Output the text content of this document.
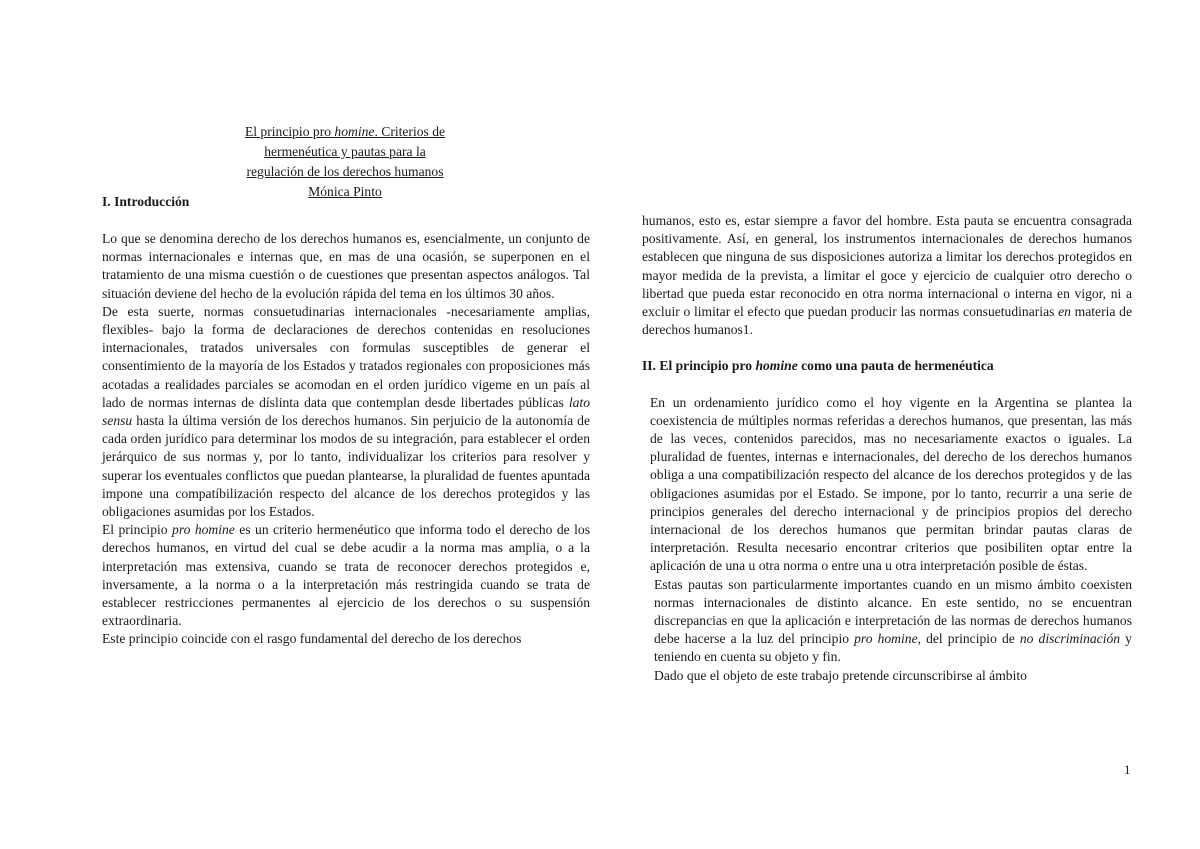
El principio pro homine. Criterios de
hermenéutica y pautas para la
regulación de los derechos humanos
Mónica Pinto
I. Introducción

Lo que se denomina derecho de los derechos humanos es, esencialmente, un conjunto de normas internacionales e internas que, en mas de una ocasión, se superponen en el tratamiento de una misma cuestión o de cuestiones que presentan aspectos análogos. Tal situación deviene del hecho de la evolución rápida del tema en los últimos 30 años.

De esta suerte, normas consuetudinarias internacionales -necesariamente amplias, flexibles- bajo la forma de declaraciones de derechos contenidas en resoluciones internacionales, tratados universales con formulas susceptibles de generar el consentimiento de la mayoría de los Estados y tratados regionales con proposiciones más acotadas a realidades parciales se acomodan en el orden jurídico vigeme en un país al lado de normas internas de díslinta data que contemplan desde libertades públicas lato sensu hasta la última versión de los derechos humanos. Sin perjuicio de la autonomía de cada orden jurídico para determinar los modos de su integración, para establecer el orden jerárquico de sus normas y, por lo tanto, individualizar los criterios para resolver y superar los eventuales conflictos que puedan plantearse, la pluralidad de fuentes apuntada impone una compatíbilización respecto del alcance de los derechos protegidos y las obligaciones asumidas por los Estados.

El principio pro homine es un criterio hermenéutico que informa todo el derecho de los derechos humanos, en virtud del cual se debe acudir a la norma mas amplia, o a la interpretación mas extensiva, cuando se trata de reconocer derechos protegidos e, inversamente, a la norma o a la interpretación más restringida cuando se trata de establecer restricciones permanentes al ejercicio de los derechos o su suspensión extraordinaria.

Este principio coincide con el rasgo fundamental del derecho de los derechos

humanos, esto es, estar siempre a favor del hombre. Esta pauta se encuentra consagrada positivamente. Así, en general, los instrumentos internacionales de derechos humanos establecen que ninguna de sus disposiciones autoriza a limitar los derechos protegidos en mayor medida de la prevista, a limitar el goce y ejercicio de cualquier otro derecho o libertad que pueda estar reconocido en otra norma internacional o interna en vigor, ni a excluir o limitar el efecto que puedan producir las normas consuetudinarias en materia de derechos humanos1.

II. El principio pro homine como una pauta de hermenéutica

En un ordenamiento jurídico como el hoy vigente en la Argentina se plantea la coexistencia de múltiples normas referidas a derechos humanos, que presentan, las más de las veces, contenidos parecidos, mas no necesariamente exactos o iguales. La pluralidad de fuentes, internas e internacionales, del derecho de los derechos humanos obliga a una compatibilización respecto del alcance de los derechos protegidos y de las obligaciones asumidas por el Estado. Se impone, por lo tanto, recurrir a una serie de principios generales del derecho internacional y de principios propios del derecho internacional de los derechos humanos que permitan brindar pautas claras de interpretación. Resulta necesario encontrar criterios que posibiliten optar entre la aplicación de una u otra norma o entre una u otra interpretación posible de éstas.

Estas pautas son particularmente importantes cuando en un mismo ámbito coexisten normas internacionales de distinto alcance. En este sentido, no se encuentran discrepancias en que la aplicación e interpretación de las normas de derechos humanos debe hacerse a la luz del principio pro homine, del principio de no discriminación y teniendo en cuenta su objeto y fin.

Dado que el objeto de este trabajo pretende circunscribirse al ámbito

1
